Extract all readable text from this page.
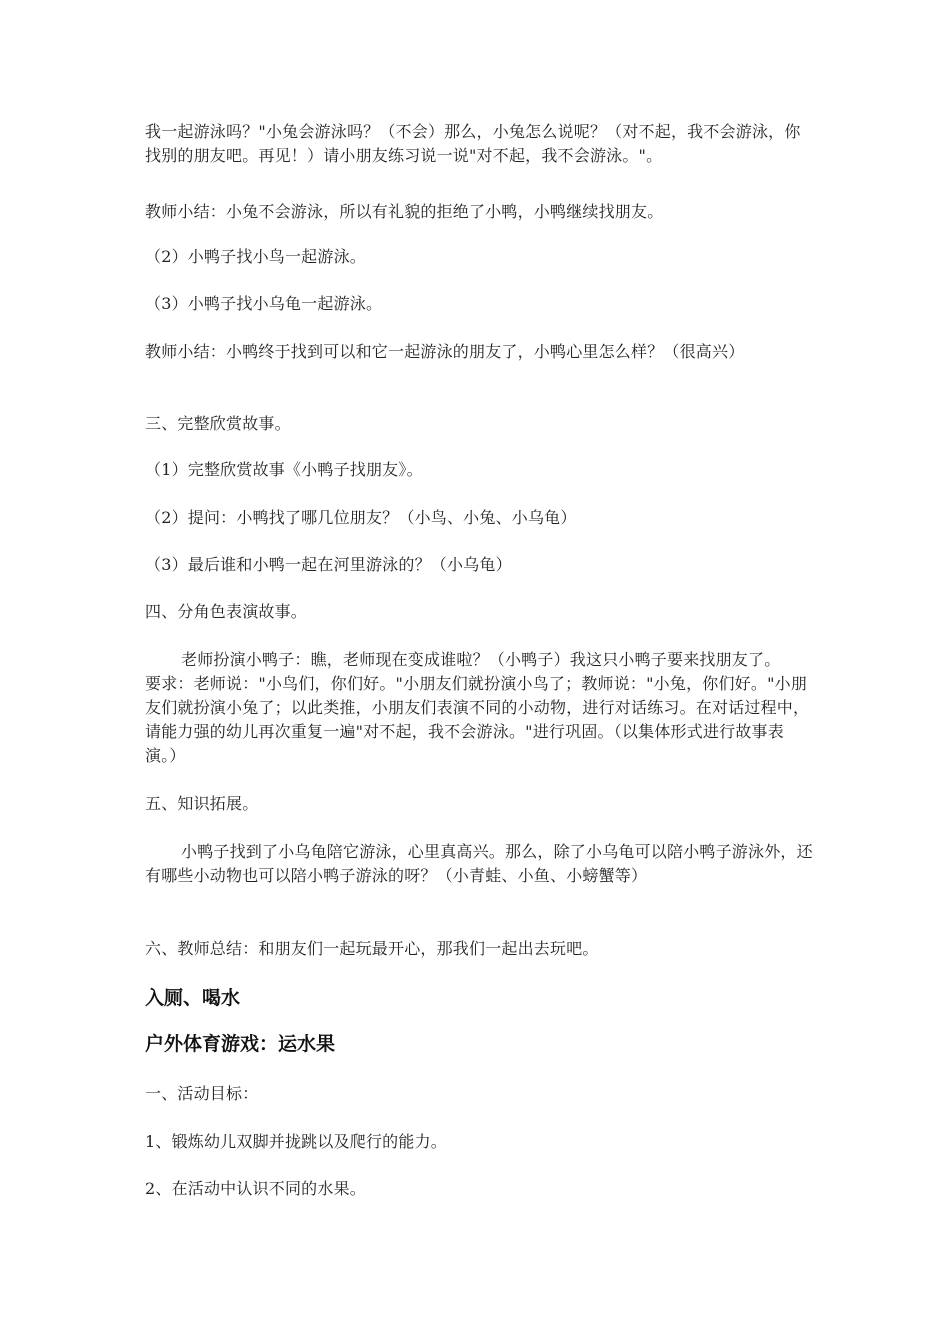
我一起游泳吗？"小兔会游泳吗？（不会）那么，小兔怎么说呢？（对不起，我不会游泳，你找别的朋友吧。再见！）请小朋友练习说一说"对不起，我不会游泳。"。

教师小结：小兔不会游泳，所以有礼貌的拒绝了小鸭，小鸭继续找朋友。

（2）小鸭子找小鸟一起游泳。

（3）小鸭子找小乌龟一起游泳。

教师小结：小鸭终于找到可以和它一起游泳的朋友了，小鸭心里怎么样？（很高兴）

三、完整欣赏故事。

（1）完整欣赏故事《小鸭子找朋友》。

（2）提问：小鸭找了哪几位朋友？（小鸟、小兔、小乌龟）

（3）最后谁和小鸭一起在河里游泳的？（小乌龟）

四、分角色表演故事。

老师扮演小鸭子：瞧，老师现在变成谁啦？（小鸭子）我这只小鸭子要来找朋友了。　　要求：老师说："小鸟们，你们好。"小朋友们就扮演小鸟了；教师说："小兔，你们好。"小朋友们就扮演小兔了；以此类推，小朋友们表演不同的小动物，进行对话练习。在对话过程中，请能力强的幼儿再次重复一遍"对不起，我不会游泳。"进行巩固。（以集体形式进行故事表演。）

五、知识拓展。

小鸭子找到了小乌龟陪它游泳，心里真高兴。那么，除了小乌龟可以陪小鸭子游泳外，还有哪些小动物也可以陪小鸭子游泳的呀？（小青蛙、小鱼、小螃蟹等）

六、教师总结：和朋友们一起玩最开心，那我们一起出去玩吧。

入厕、喝水
户外体育游戏：运水果

一、活动目标：

1、锻炼幼儿双脚并拢跳以及爬行的能力。

2、在活动中认识不同的水果。
